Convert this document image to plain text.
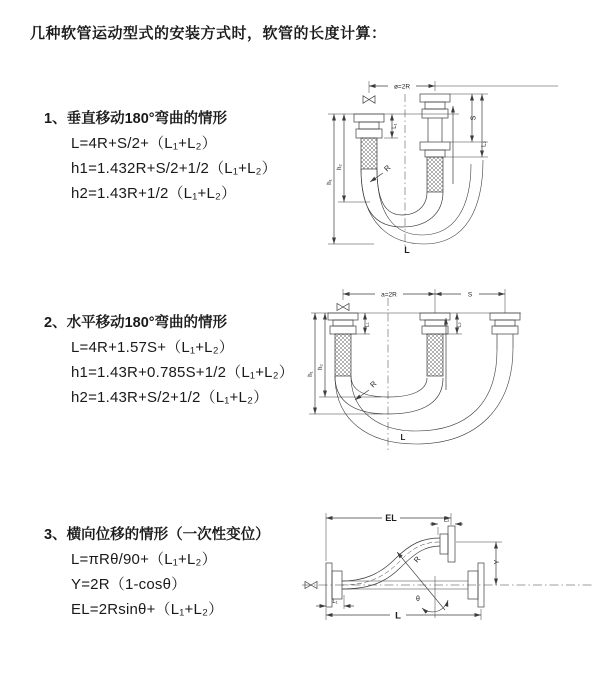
几种软管运动型式的安装方式时，软管的长度计算：
1、垂直移动180°弯曲的情形
L=4R+S/2+（L₁+L₂）
h1=1.432R+S/2+1/2（L₁+L₂）
h2=1.43R+1/2（L₁+L₂）
2、水平移动180°弯曲的情形
L=4R+1.57S+（L₁+L₂）
h1=1.43R+0.785S+1/2（L₁+L₂）
h2=1.43R+S/2+1/2（L₁+L₂）
3、横向位移的情形（一次性变位）
L=πRθ/90+（L₁+L₂）
Y=2R（1-cosθ）
EL=2Rsinθ+（L₁+L₂）
ø=2R
L₁
S
L₂
h₁
h₂	R
L
a=2R	S
L₁	L₂
h₁
h₂
R
L
EL	L₂
Y
R
θ
L
L₁
